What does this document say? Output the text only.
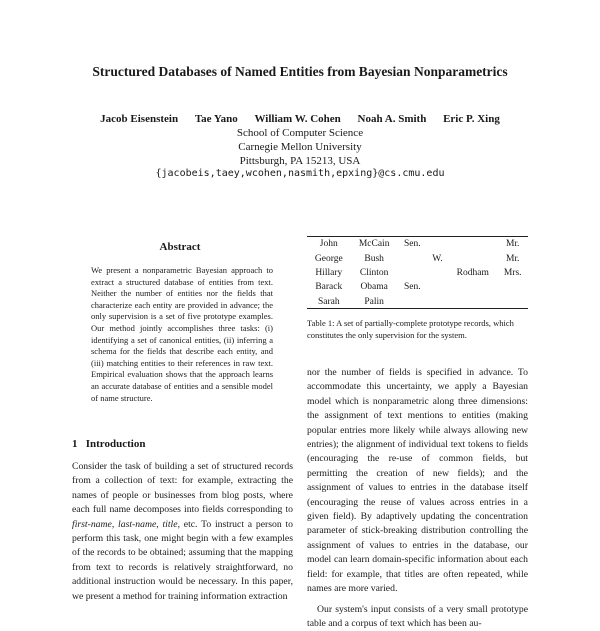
Structured Databases of Named Entities from Bayesian Nonparametrics
Jacob Eisenstein Tae Yano William W. Cohen Noah A. Smith Eric P. Xing
School of Computer Science
Carnegie Mellon University
Pittsburgh, PA 15213, USA
{jacobeis,taey,wcohen,nasmith,epxing}@cs.cmu.edu
Abstract
We present a nonparametric Bayesian approach to extract a structured database of entities from text. Neither the number of entities nor the fields that characterize each entity are provided in advance; the only supervision is a set of five prototype examples. Our method jointly accomplishes three tasks: (i) identifying a set of canonical entities, (ii) inferring a schema for the fields that describe each entity, and (iii) matching entities to their references in raw text. Empirical evaluation shows that the approach learns an accurate database of entities and a sensible model of name structure.
1   Introduction

Consider the task of building a set of structured records from a collection of text: for example, extracting the names of people or businesses from blog posts, where each full name decomposes into fields corresponding to first-name, last-name, title, etc. To instruct a person to perform this task, one might begin with a few examples of the records to be obtained; assuming that the mapping from text to records is relatively straightforward, no additional instruction would be necessary. In this paper, we present a method for training information extraction

John	McCain	Sen.			Mr.
George	Bush		W.		Mr.
Hillary	Clinton			Rodham	Mrs.
Barack	Obama	Sen.			
Sarah	Palin				
Table 1: A set of partially-complete prototype records, which constitutes the only supervision for the system.

nor the number of fields is specified in advance. To accommodate this uncertainty, we apply a Bayesian model which is nonparametric along three dimensions: the assignment of text mentions to entities (making popular entries more likely while always allowing new entries); the alignment of individual text tokens to fields (encouraging the re-use of common fields, but permitting the creation of new fields); and the assignment of values to entries in the database itself (encouraging the reuse of values across entries in a given field). By adaptively updating the concentration parameter of stick-breaking distribution controlling the assignment of values to entries in the database, our model can learn domain-specific information about each field: for example, that titles are often repeated, while names are more varied.

Our system's input consists of a very small prototype table and a corpus of text which has been au-
